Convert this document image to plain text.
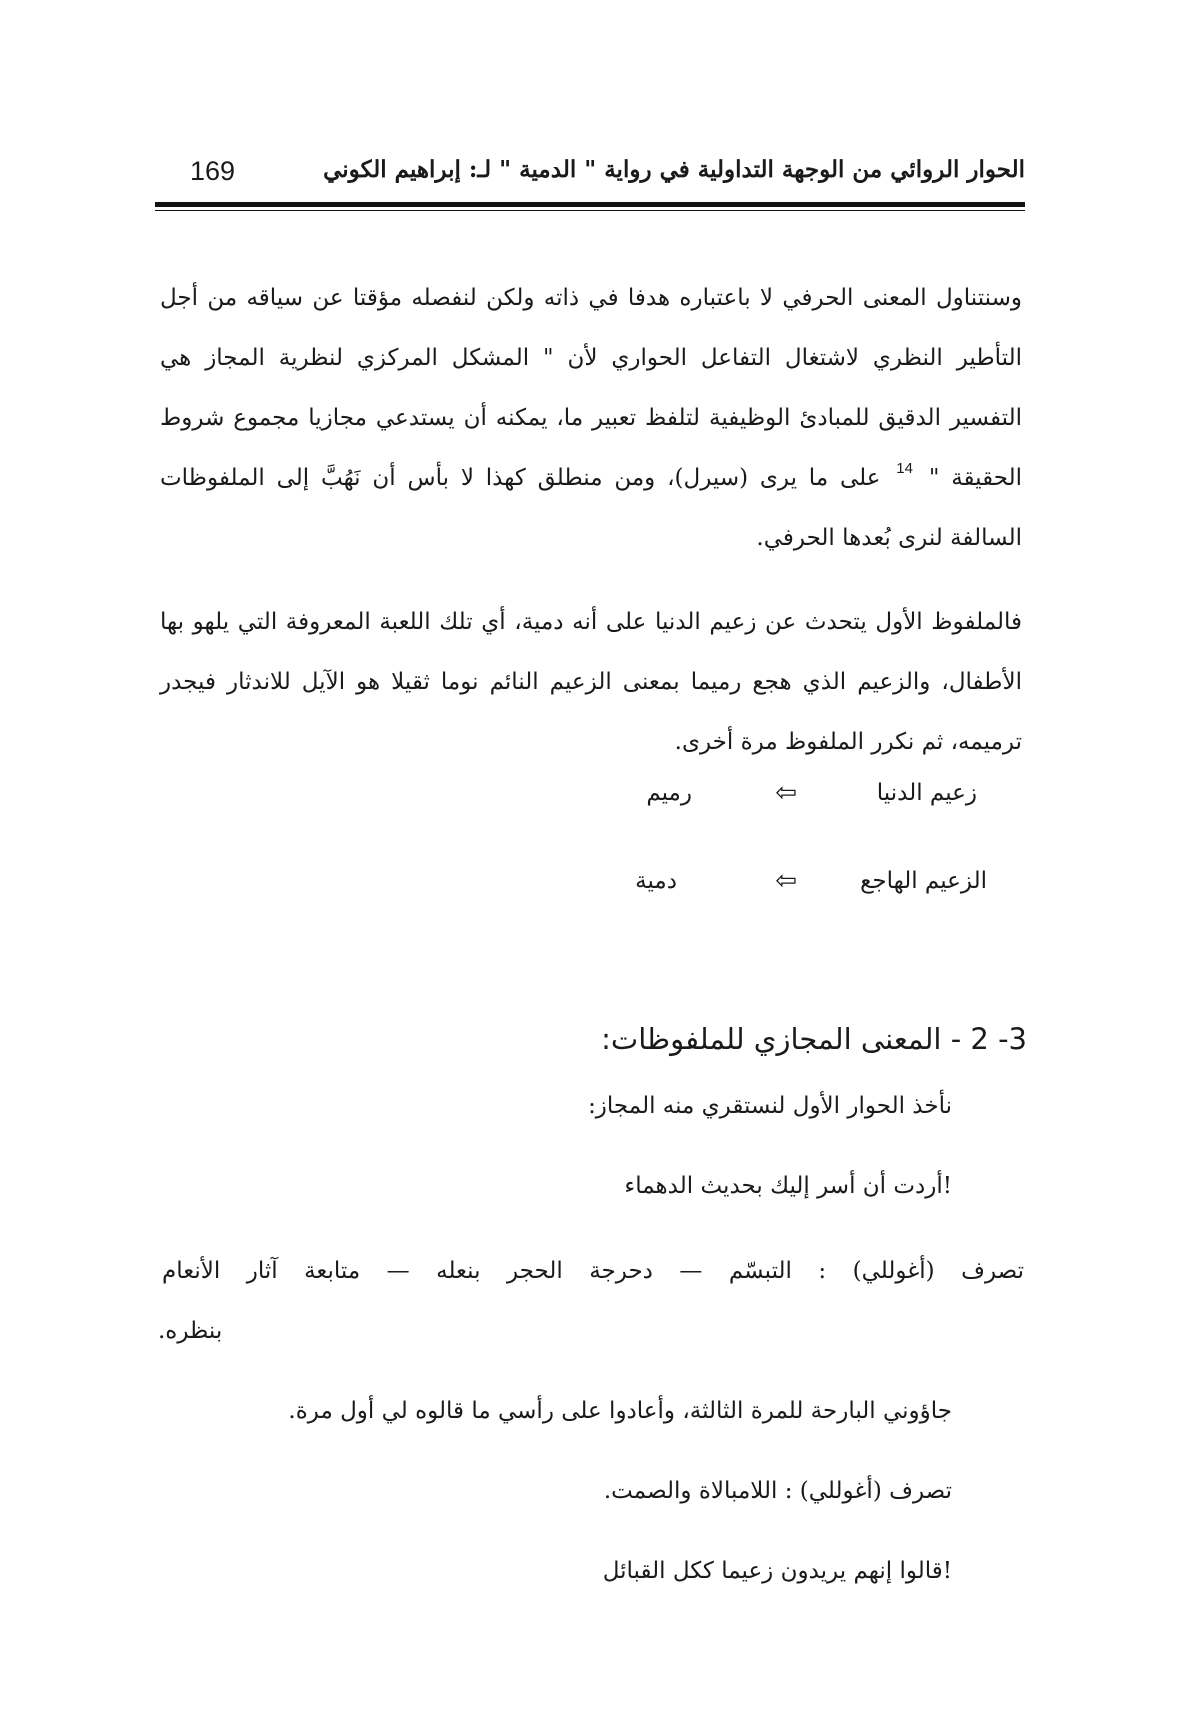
الحوار الروائي من الوجهة التداولية في رواية " الدمية " لـ: إبراهيم الكوني
169

وسنتناول المعنى الحرفي لا باعتباره هدفا في ذاته ولكن لنفصله مؤقتا عن سياقه من أجل التأطير النظري لاشتغال التفاعل الحواري لأن " المشكل المركزي لنظرية المجاز هي التفسير الدقيق للمبادئ الوظيفية لتلفظ تعبير ما، يمكنه أن يستدعي مجازيا مجموع شروط الحقيقة " $^{14}$ على ما يرى (سيرل)، ومن منطلق كهذا لا بأس أن نَهُبَّ إلى الملفوظات السالفة لنرى بُعدها الحرفي.

فالملفوظ الأول يتحدث عن زعيم الدنيا على أنه دمية، أي تلك اللعبة المعروفة التي يلهو بها الأطفال، والزعيم الذي هجع رميما بمعنى الزعيم النائم نوما ثقيلا هو الآيل للاندثار فيجدر ترميمه، ثم نكرر الملفوظ مرة أخرى.

زعيم الدنيا
⇦
رميم
الزعيم الهاجع
⇦
دمية
3- 2 - المعنى المجازي للملفوظات:
نأخذ الحوار الأول لنستقري منه المجاز:
!أردت أن أسر إليك بحديث الدهماء
تصرف (أغوللي) : التبسّم — دحرجة الحجر بنعله — متابعة آثار الأنعام
بنظره.
جاؤوني البارحة للمرة الثالثة، وأعادوا على رأسي ما قالوه لي أول مرة.
تصرف (أغوللي) : اللامبالاة والصمت.
!قالوا إنهم يريدون زعيما ككل القبائل
